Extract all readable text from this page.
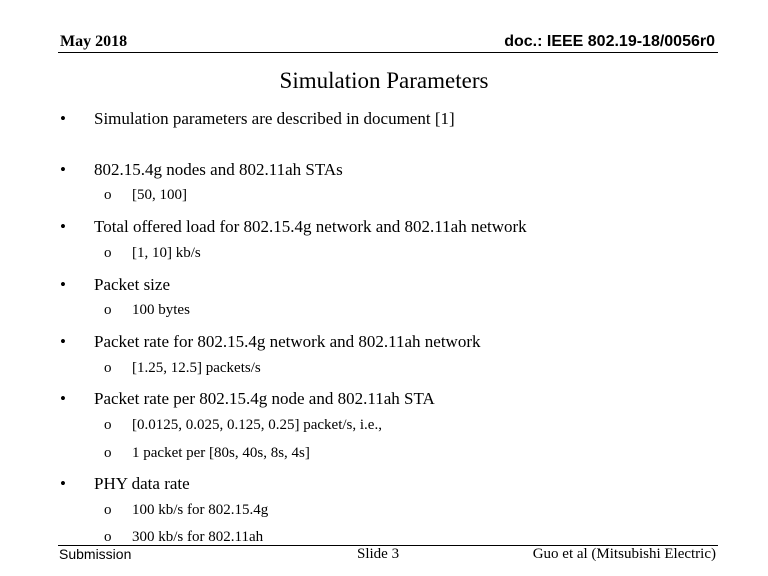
May 2018	doc.: IEEE 802.19-18/0056r0
Simulation Parameters
• Simulation parameters are described in document [1]
• 802.15.4g nodes and 802.11ah STAs
o [50, 100]
• Total offered load for 802.15.4g network and 802.11ah network
o [1, 10] kb/s
• Packet size
o 100 bytes
• Packet rate for 802.15.4g network and 802.11ah network
o [1.25, 12.5] packets/s
• Packet rate per 802.15.4g node and 802.11ah STA
o [0.0125, 0.025, 0.125, 0.25] packet/s, i.e.,
o 1 packet per [80s, 40s, 8s, 4s]
• PHY data rate
o 100 kb/s for 802.15.4g
o 300 kb/s for 802.11ah
Submission	Slide 3	Guo et al (Mitsubishi Electric)
